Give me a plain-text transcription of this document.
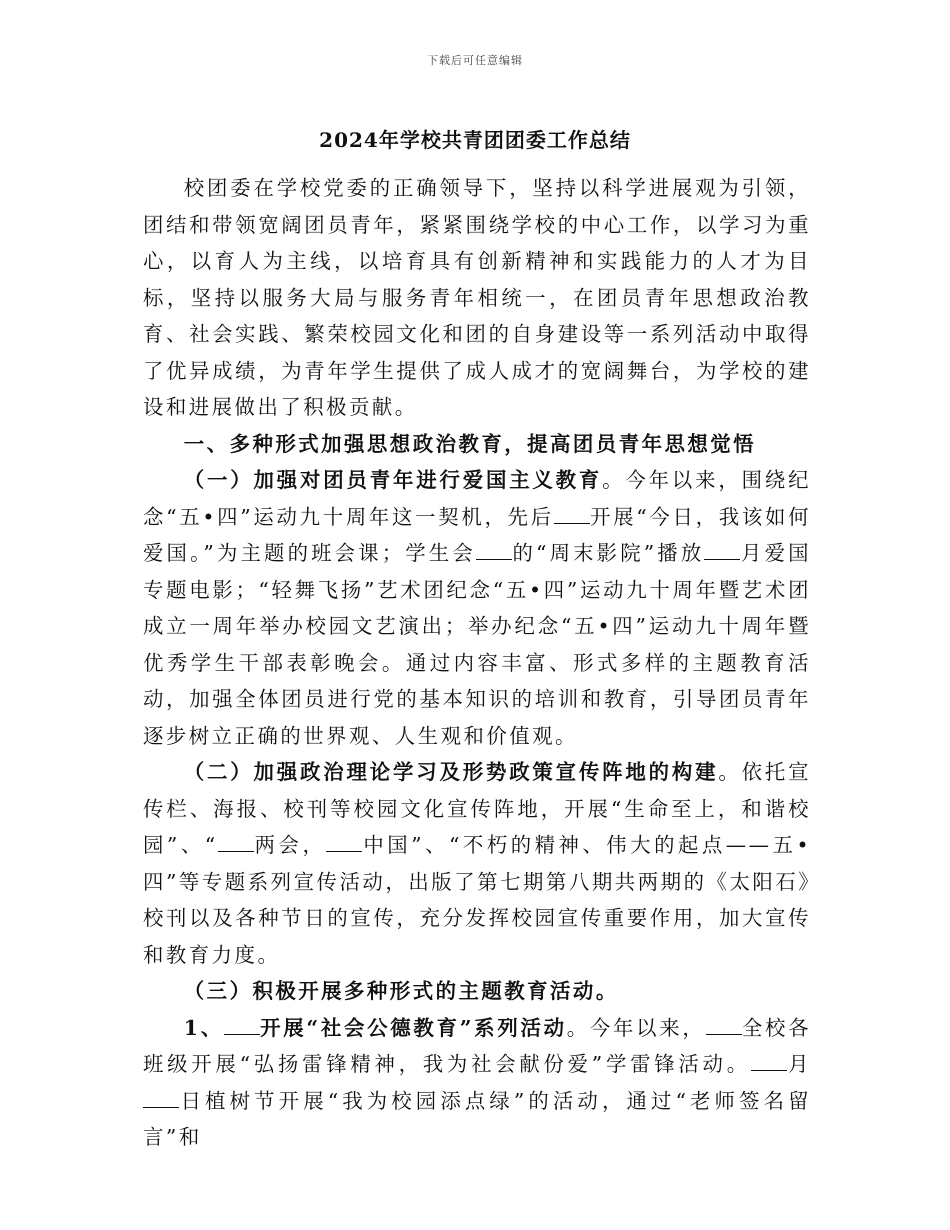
下载后可任意编辑
2024年学校共青团团委工作总结

校团委在学校党委的正确领导下，坚持以科学进展观为引领，团结和带领宽阔团员青年，紧紧围绕学校的中心工作，以学习为重心，以育人为主线，以培育具有创新精神和实践能力的人才为目标，坚持以服务大局与服务青年相统一，在团员青年思想政治教育、社会实践、繁荣校园文化和团的自身建设等一系列活动中取得了优异成绩，为青年学生提供了成人成才的宽阔舞台，为学校的建设和进展做出了积极贡献。

一、多种形式加强思想政治教育，提高团员青年思想觉悟

（一）加强对团员青年进行爱国主义教育。今年以来，围绕纪念“五•四”运动九十周年这一契机，先后 开展“今日，我该如何爱国。”为主题的班会课；学生会 的“周末影院”播放 月爱国专题电影；“轻舞飞扬”艺术团纪念“五•四”运动九十周年暨艺术团成立一周年举办校园文艺演出；举办纪念“五•四”运动九十周年暨优秀学生干部表彰晚会。通过内容丰富、形式多样的主题教育活动，加强全体团员进行党的基本知识的培训和教育，引导团员青年逐步树立正确的世界观、人生观和价值观。

（二）加强政治理论学习及形势政策宣传阵地的构建。依托宣传栏、海报、校刊等校园文化宣传阵地，开展“生命至上，和谐校园”、“ 两会， 中国”、“不朽的精神、伟大的起点——五•四”等专题系列宣传活动，出版了第七期第八期共两期的《太阳石》校刊以及各种节日的宣传，充分发挥校园宣传重要作用，加大宣传和教育力度。

（三）积极开展多种形式的主题教育活动。

1、 开展“社会公德教育”系列活动。今年以来， 全校各班级开展“弘扬雷锋精神，我为社会献份爱”学雷锋活动。 月日植树节开展“我为校园添点绿”的活动，通过“老师签名留言”和
